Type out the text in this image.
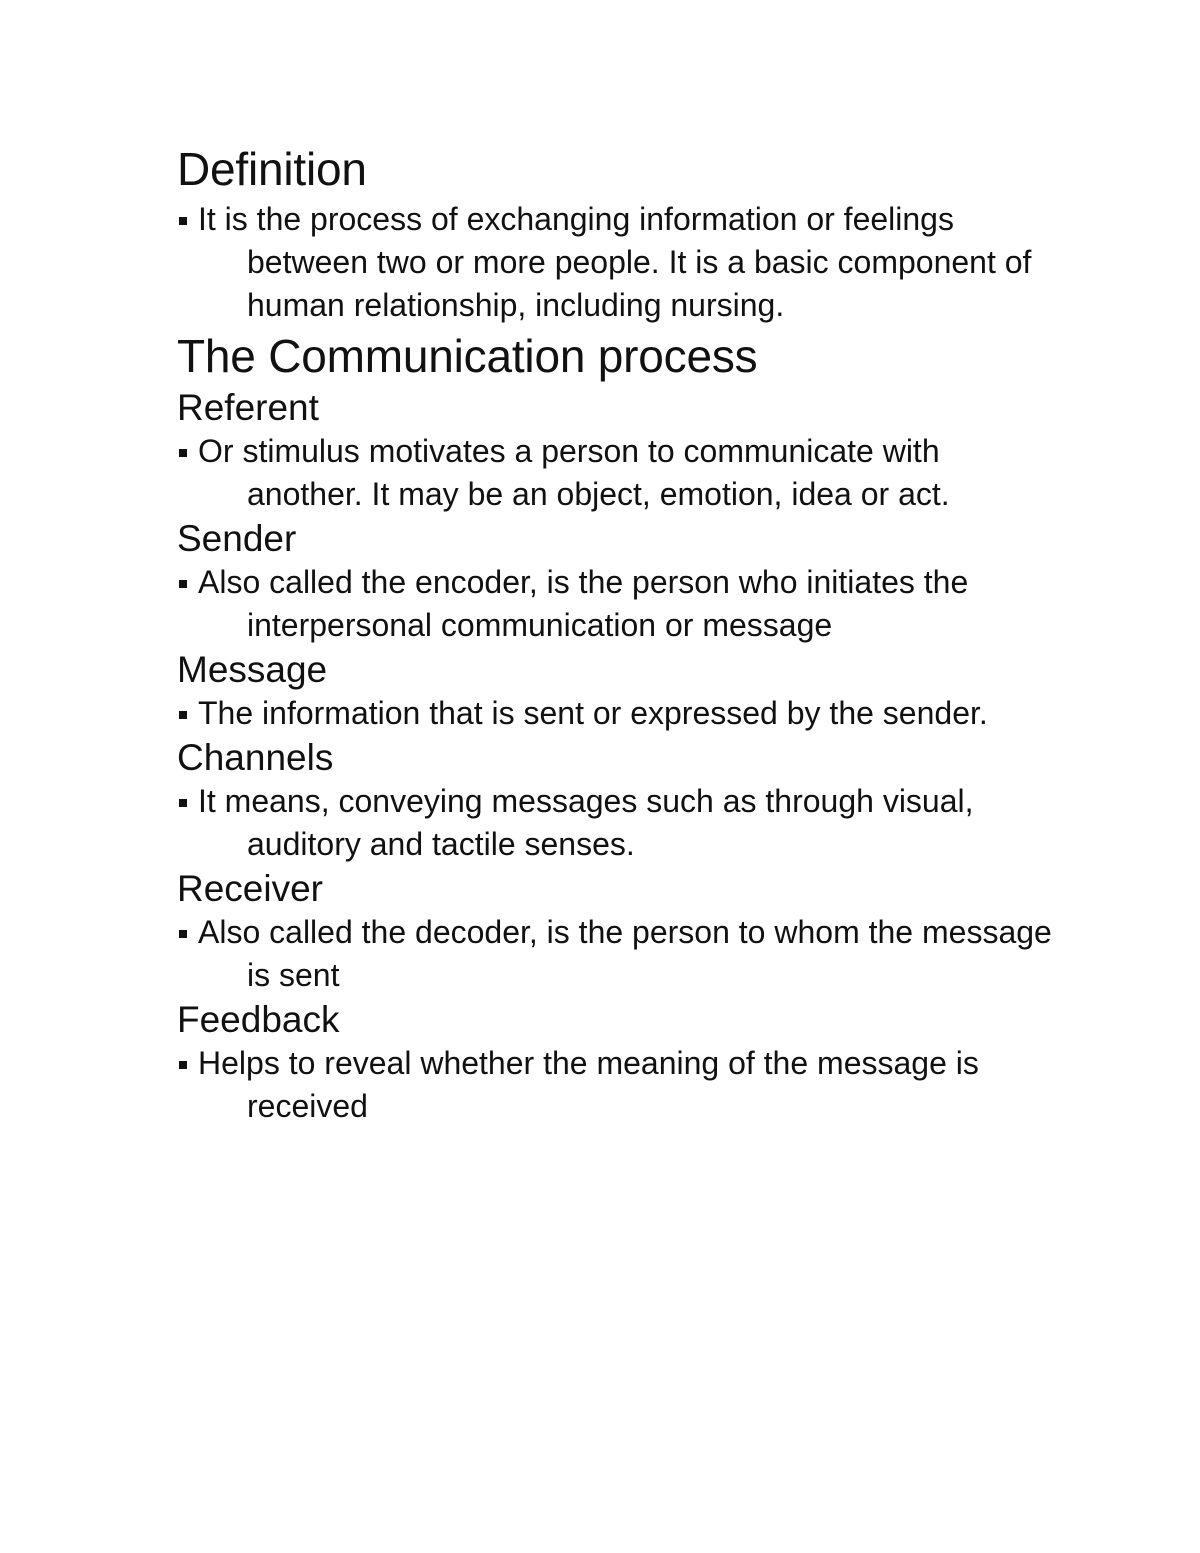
Definition
It is the process of exchanging information or feelings between two or more people. It is a basic component of human relationship, including nursing.
The Communication process
Referent
Or stimulus motivates a person to communicate with another. It may be an object, emotion, idea or act.
Sender
Also called the encoder, is the person who initiates the interpersonal communication or message
Message
The information that is sent or expressed by the sender.
Channels
It means, conveying messages such as through visual, auditory and tactile senses.
Receiver
Also called the decoder, is the person to whom the message is sent
Feedback
Helps to reveal whether the meaning of the message is received
